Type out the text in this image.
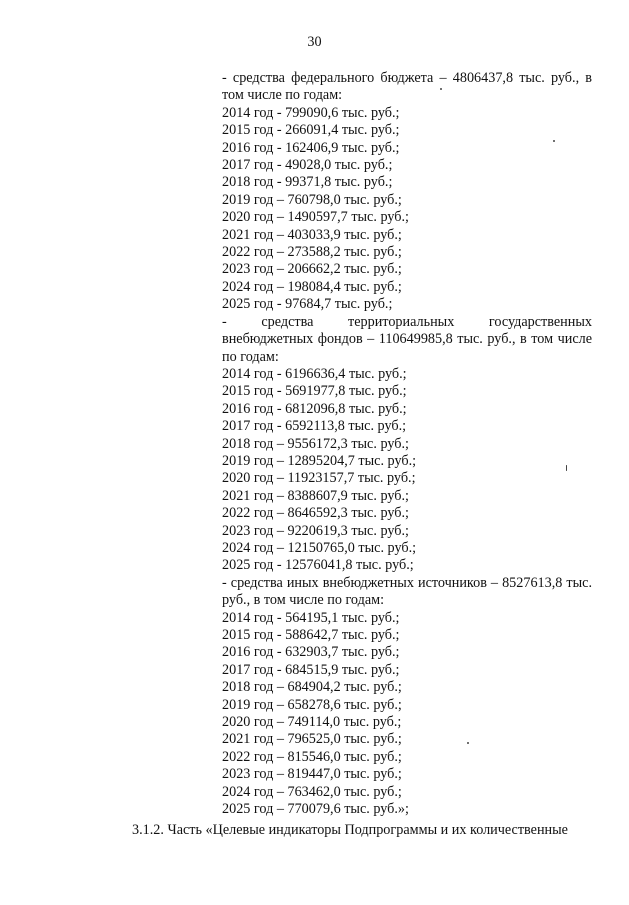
30

- средства федерального бюджета – 4806437,8 тыс. руб., в том числе по годам:

2014 год - 799090,6 тыс. руб.;
2015 год - 266091,4 тыс. руб.;
2016 год - 162406,9 тыс. руб.;
2017 год - 49028,0 тыс. руб.;
2018 год - 99371,8 тыс. руб.;
2019 год – 760798,0 тыс. руб.;
2020 год – 1490597,7 тыс. руб.;
2021 год – 403033,9 тыс. руб.;
2022 год – 273588,2 тыс. руб.;
2023 год – 206662,2 тыс. руб.;
2024 год – 198084,4 тыс. руб.;
2025 год - 97684,7 тыс. руб.;

- средства территориальных государственных внебюджетных фондов – 110649985,8 тыс. руб., в том числе по годам:

2014 год - 6196636,4 тыс. руб.;
2015 год - 5691977,8 тыс. руб.;
2016 год - 6812096,8 тыс. руб.;
2017 год - 6592113,8 тыс. руб.;
2018 год – 9556172,3 тыс. руб.;
2019 год – 12895204,7 тыс. руб.;
2020 год – 11923157,7 тыс. руб.;
2021 год – 8388607,9 тыс. руб.;
2022 год – 8646592,3 тыс. руб.;
2023 год – 9220619,3 тыс. руб.;
2024 год – 12150765,0 тыс. руб.;
2025 год - 12576041,8 тыс. руб.;

- средства иных внебюджетных источников – 8527613,8 тыс. руб., в том числе по годам:

2014 год - 564195,1 тыс. руб.;
2015 год - 588642,7 тыс. руб.;
2016 год - 632903,7 тыс. руб.;
2017 год - 684515,9 тыс. руб.;
2018 год – 684904,2 тыс. руб.;
2019 год – 658278,6 тыс. руб.;
2020 год – 749114,0 тыс. руб.;
2021 год – 796525,0 тыс. руб.;
2022 год – 815546,0 тыс. руб.;
2023 год – 819447,0 тыс. руб.;
2024 год – 763462,0 тыс. руб.;
2025 год – 770079,6 тыс. руб.»;
3.1.2. Часть «Целевые индикаторы Подпрограммы и их количественные
